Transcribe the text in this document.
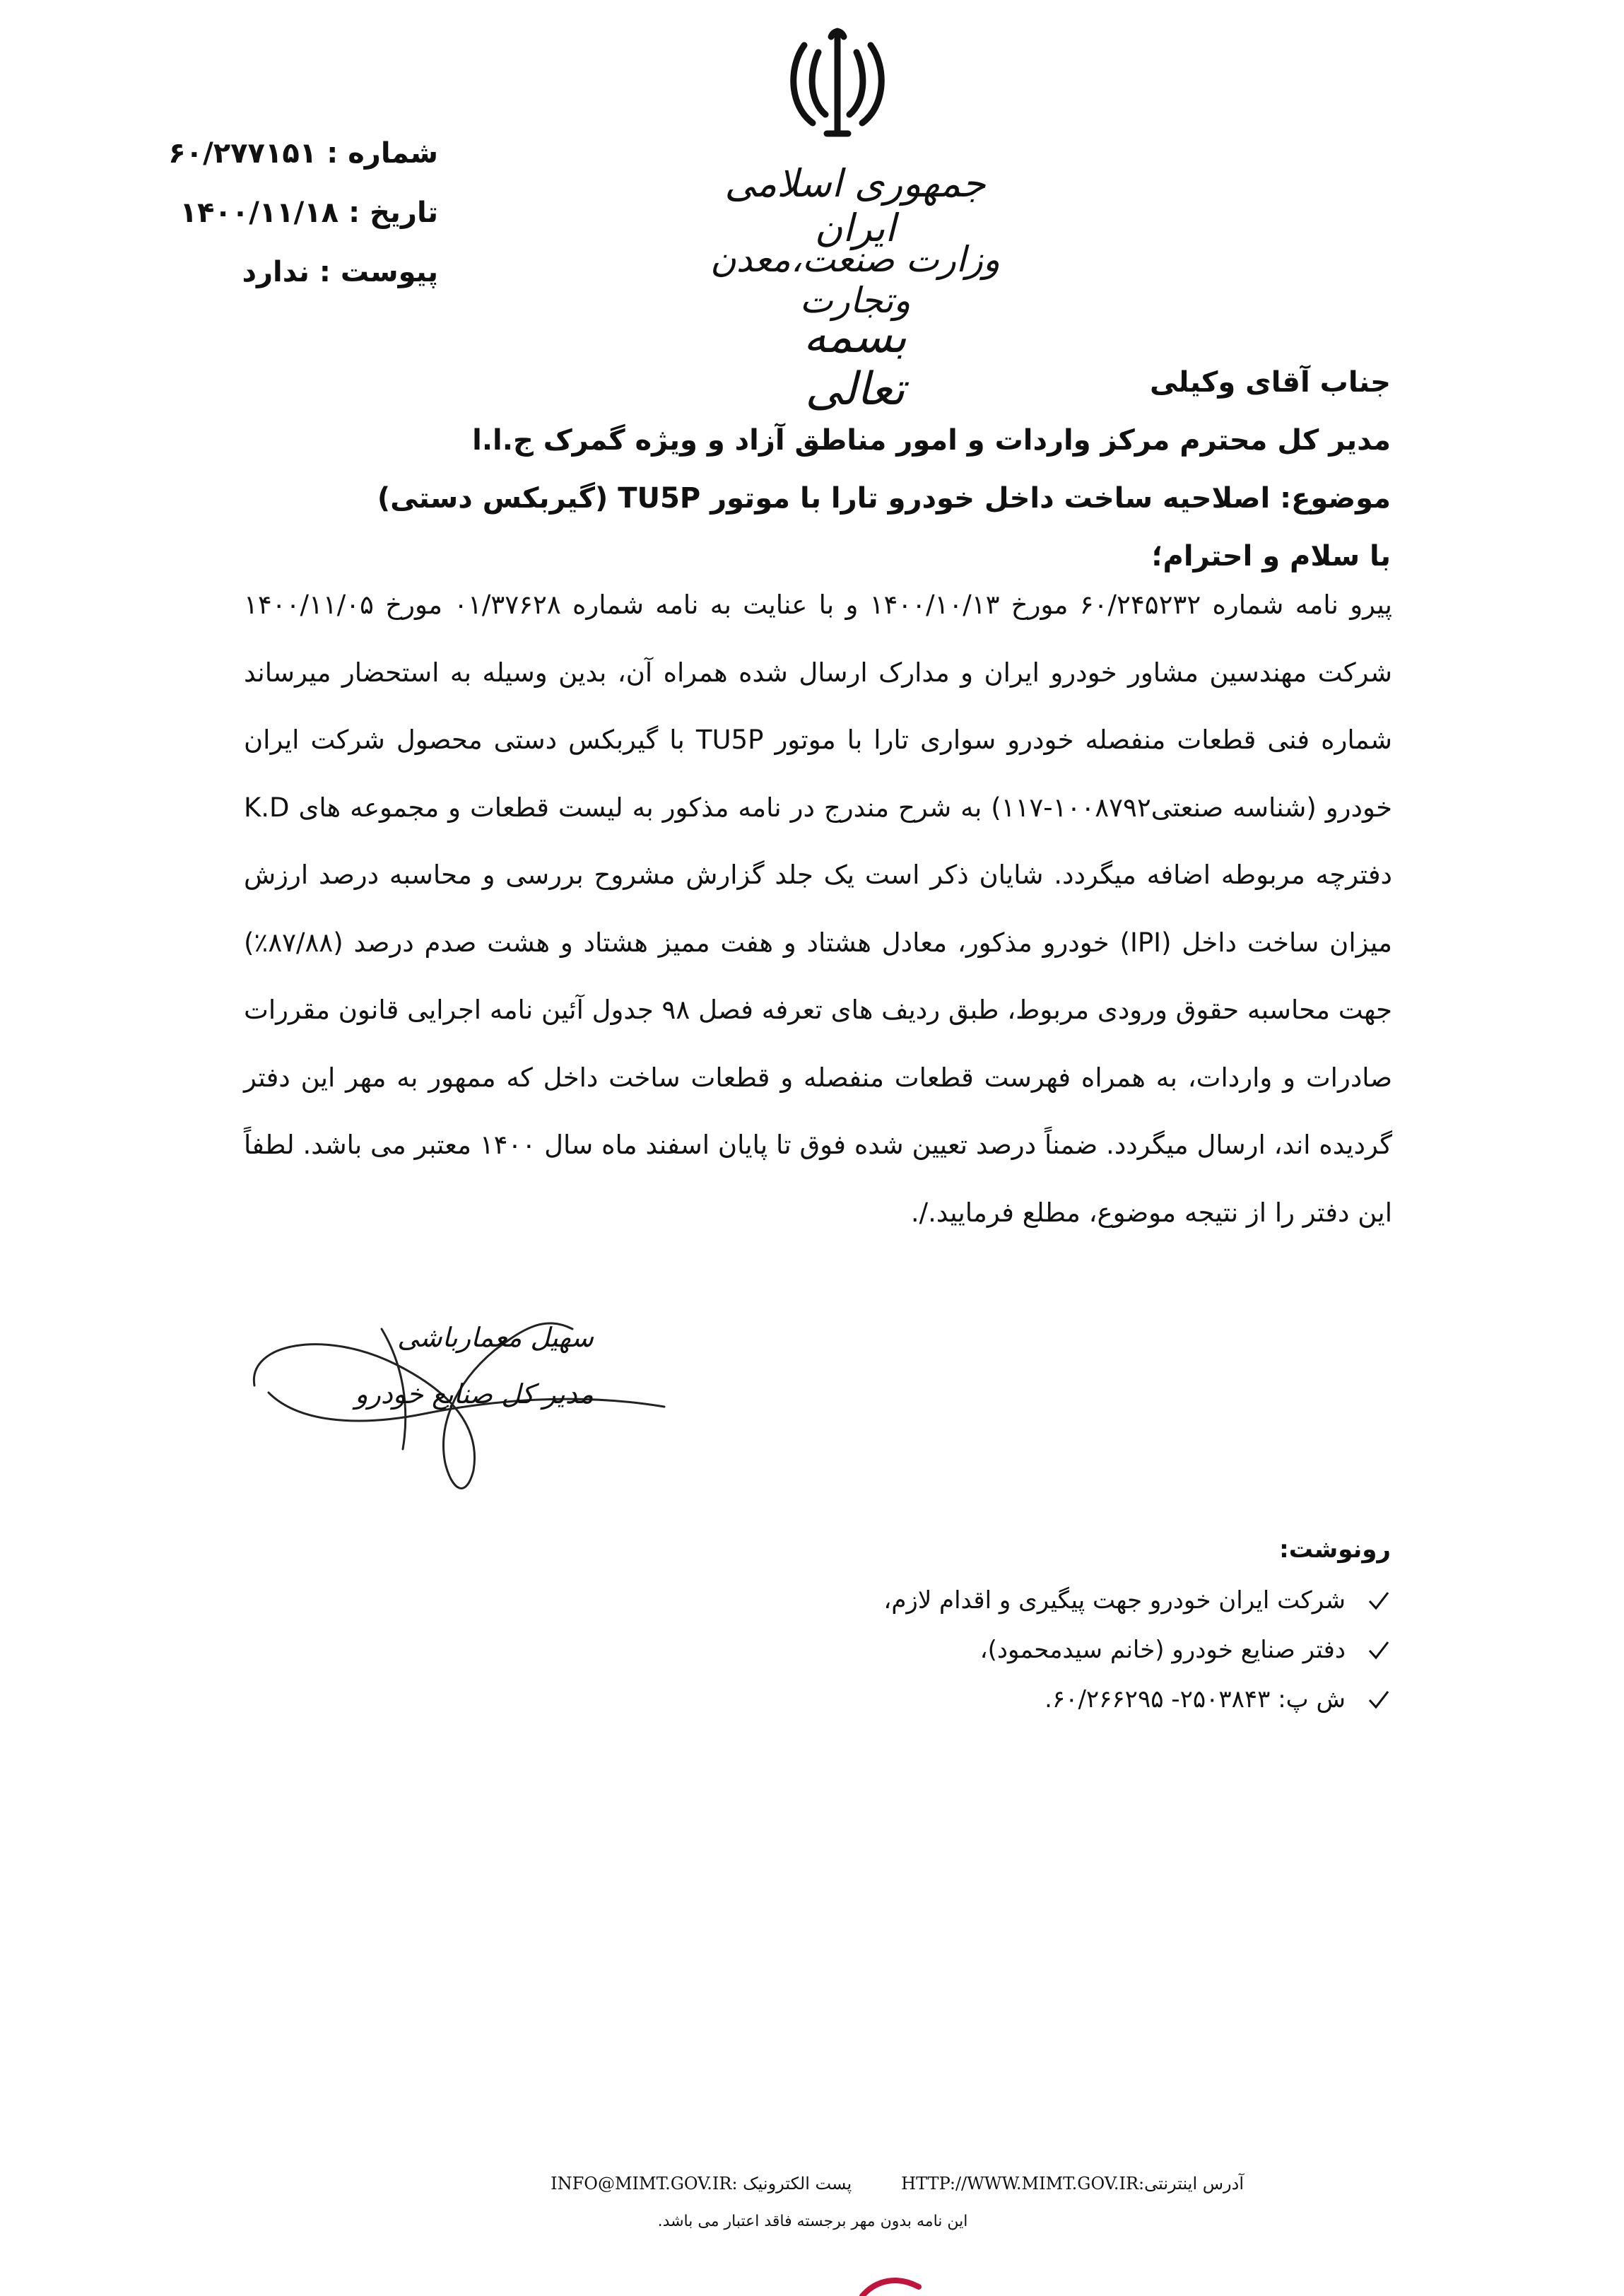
جمهوری اسلامی ایران
وزارت صنعت،معدن وتجارت
بسمه تعالی
شماره
:
۶۰/۲۷۷۱۵۱
تاریخ
:
۱۴۰۰/۱۱/۱۸
پیوست
:
ندارد
جناب آقای وکیلی
مدیر کل محترم مرکز واردات و امور مناطق آزاد و ویژه گمرک ج.ا.ا
موضوع: اصلاحیه ساخت داخل خودرو تارا با موتور TU5P (گیربکس دستی)
با سلام و احترام؛
پیرو نامه شماره ۶۰/۲۴۵۲۳۲ مورخ ۱۴۰۰/۱۰/۱۳ و با عنایت به نامه شماره ۰۱/۳۷۶۲۸ مورخ ۱۴۰۰/۱۱/۰۵ شرکت مهندسین مشاور خودرو ایران و مدارک ارسال شده همراه آن، بدین وسیله به استحضار میرساند شماره فنی قطعات منفصله خودرو سواری تارا با موتور TU5P با گیربکس دستی محصول شرکت ایران خودرو (شناسه صنعتی۱۰۰۸۷۹۲-۱۱۷) به شرح مندرج در نامه مذکور به لیست قطعات و مجموعه های K.D دفترچه مربوطه اضافه میگردد. شایان ذکر است یک جلد گزارش مشروح بررسی و محاسبه درصد ارزش میزان ساخت داخل (IPI) خودرو مذکور، معادل هشتاد و هفت ممیز هشتاد و هشت صدم درصد (۸۷/۸۸٪) جهت محاسبه حقوق ورودی مربوط، طبق ردیف های تعرفه فصل ۹۸ جدول آئین نامه اجرایی قانون مقررات صادرات و واردات، به همراه فهرست قطعات منفصله و قطعات ساخت داخل که ممهور به مهر این دفتر گردیده اند، ارسال میگردد. ضمناً درصد تعیین شده فوق تا پایان اسفند ماه سال ۱۴۰۰ معتبر می باشد. لطفاً این دفتر را از نتیجه موضوع، مطلع فرمایید./.
سهیل معمارباشی
مدیر کل صنایع خودرو
رونوشت:
شرکت ایران خودرو جهت پیگیری و اقدام لازم،
دفتر صنایع خودرو (خانم سیدمحمود)،
ش پ: ۲۵۰۳۸۴۳- ۶۰/۲۶۶۲۹۵.
آدرس اینترنتی:HTTP://WWW.MIMT.GOV.IR
پست الکترونیک :INFO@MIMT.GOV.IR
این نامه بدون مهر برجسته فاقد اعتبار می باشد.
